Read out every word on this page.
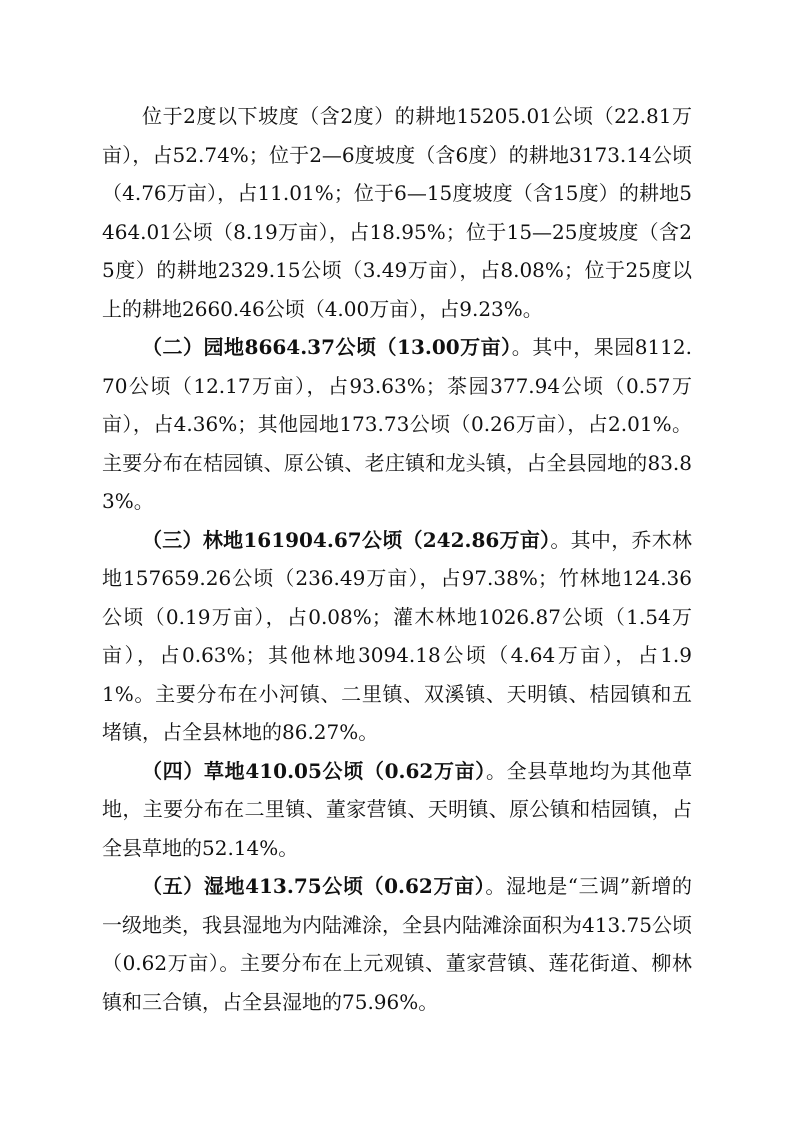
位于2度以下坡度（含2度）的耕地15205.01公顷（22.81万亩），占52.74%；位于2—6度坡度（含6度）的耕地3173.14公顷（4.76万亩），占11.01%；位于6—15度坡度（含15度）的耕地5464.01公顷（8.19万亩），占18.95%；位于15—25度坡度（含25度）的耕地2329.15公顷（3.49万亩），占8.08%；位于25度以上的耕地2660.46公顷（4.00万亩），占9.23%。

（二）园地8664.37公顷（13.00万亩）。其中，果园8112.70公顷（12.17万亩），占93.63%；茶园377.94公顷（0.57万亩），占4.36%；其他园地173.73公顷（0.26万亩），占2.01%。主要分布在桔园镇、原公镇、老庄镇和龙头镇，占全县园地的83.83%。

（三）林地161904.67公顷（242.86万亩）。其中，乔木林地157659.26公顷（236.49万亩），占97.38%；竹林地124.36公顷（0.19万亩），占0.08%；灌木林地1026.87公顷（1.54万亩），占0.63%；其他林地3094.18公顷（4.64万亩），占1.91%。主要分布在小河镇、二里镇、双溪镇、天明镇、桔园镇和五堵镇，占全县林地的86.27%。

（四）草地410.05公顷（0.62万亩）。全县草地均为其他草地，主要分布在二里镇、董家营镇、天明镇、原公镇和桔园镇，占全县草地的52.14%。

（五）湿地413.75公顷（0.62万亩）。湿地是“三调”新增的一级地类，我县湿地为内陆滩涂，全县内陆滩涂面积为413.75公顷（0.62万亩）。主要分布在上元观镇、董家营镇、莲花街道、柳林镇和三合镇，占全县湿地的75.96%。
